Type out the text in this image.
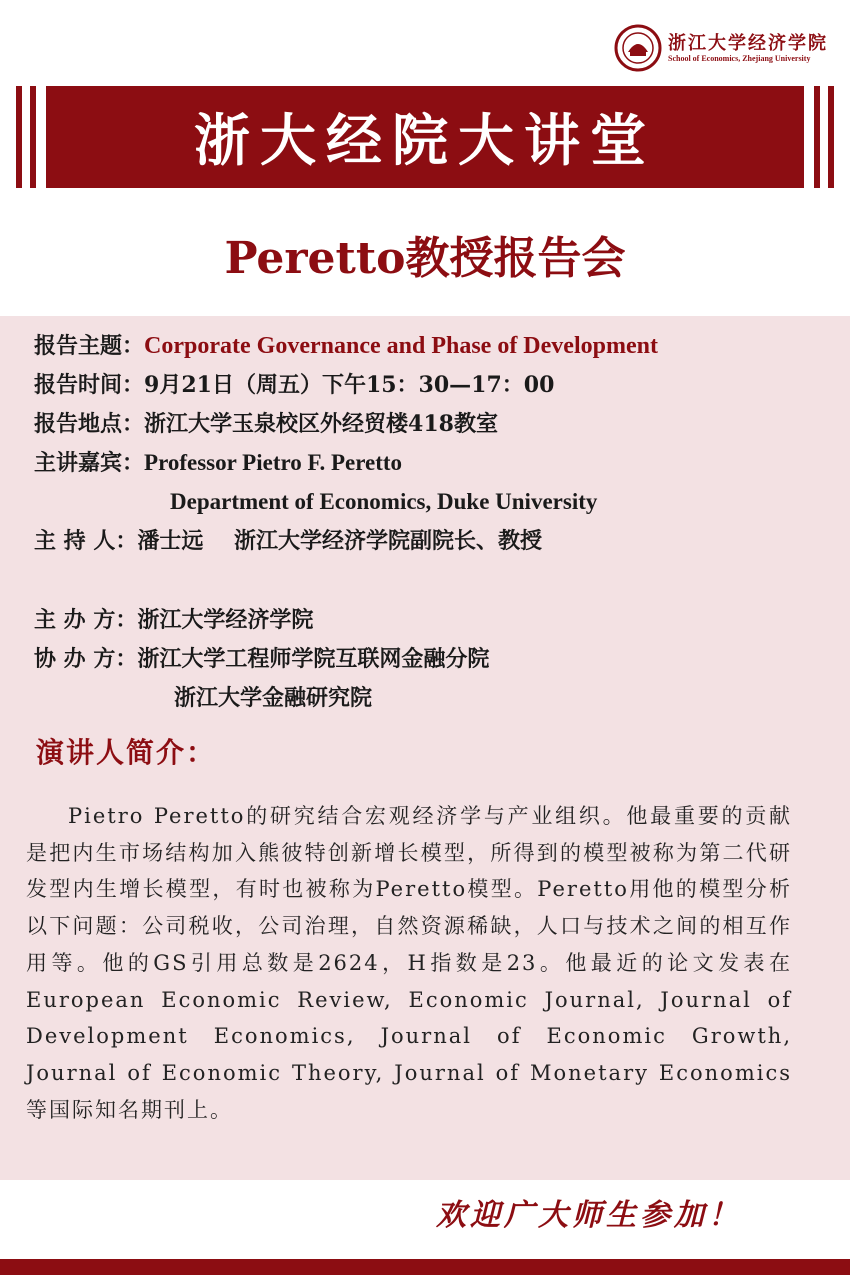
浙江大学经济学院
School of Economics, Zhejiang University
浙大经院大讲堂
Peretto教授报告会
报告主题：Corporate Governance and Phase of Development
报告时间：9月21日（周五）下午15：30—17：00
报告地点：浙江大学玉泉校区外经贸楼418教室
主讲嘉宾：Professor Pietro F. Peretto
Department of Economics, Duke University
主 持 人：潘士远    浙江大学经济学院副院长、教授
主 办 方：浙江大学经济学院
协 办 方：浙江大学工程师学院互联网金融分院
浙江大学金融研究院
演讲人简介：
Pietro Peretto的研究结合宏观经济学与产业组织。他最重要的贡献是把内生市场结构加入熊彼特创新增长模型，所得到的模型被称为第二代研发型内生增长模型，有时也被称为Peretto模型。Peretto用他的模型分析以下问题：公司税收，公司治理，自然资源稀缺，人口与技术之间的相互作用等。他的GS引用总数是2624，H指数是23。他最近的论文发表在European Economic Review, Economic Journal, Journal of Development Economics, Journal of Economic Growth, Journal of Economic Theory, Journal of Monetary Economics等国际知名期刊上。
欢迎广大师生参加！
